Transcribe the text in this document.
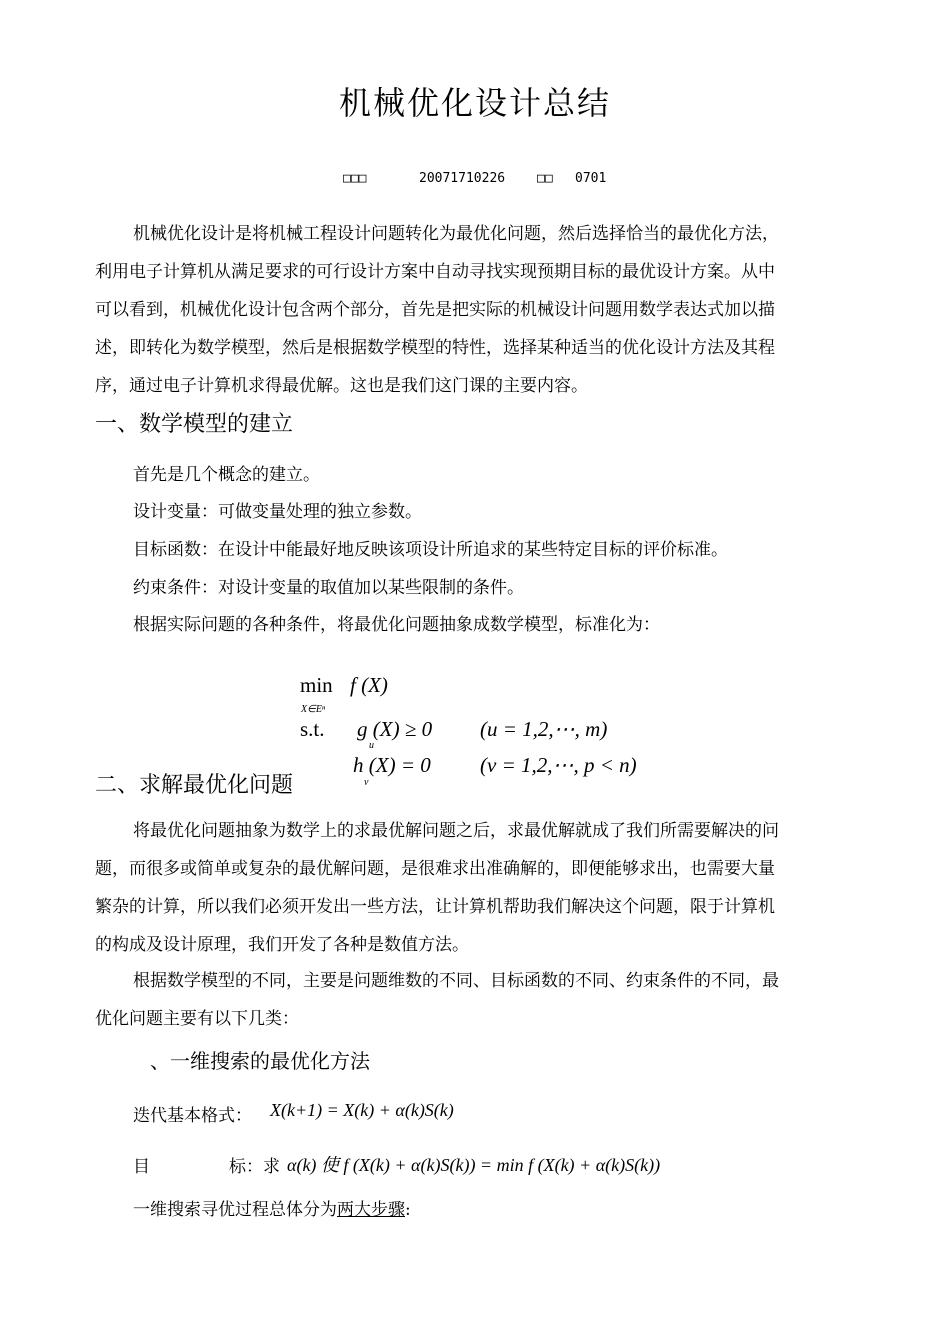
机械优化设计总结
□□□	20071710226 □□ 0701
机械优化设计是将机械工程设计问题转化为最优化问题，然后选择恰当的最优化方法，
利用电子计算机从满足要求的可行设计方案中自动寻找实现预期目标的最优设计方案。从中
可以看到，机械优化设计包含两个部分，首先是把实际的机械设计问题用数学表达式加以描
述，即转化为数学模型，然后是根据数学模型的特性，选择某种适当的优化设计方法及其程
序，通过电子计算机求得最优解。这也是我们这门课的主要内容。
一、数学模型的建立
首先是几个概念的建立。
设计变量：可做变量处理的独立参数。
目标函数：在设计中能最好地反映该项设计所追求的某些特定目标的评价标准。
约束条件：对设计变量的取值加以某些限制的条件。
根据实际问题的各种条件，将最优化问题抽象成数学模型，标准化为：
min f (X)
X∈Eⁿ
s.t. g (X) ≥ 0
u
(u = 1,2,⋯, m)
h (X) = 0
v
(v = 1,2,⋯, p < n)
二、求解最优化问题
将最优化问题抽象为数学上的求最优解问题之后，求最优解就成了我们所需要解决的问
题，而很多或简单或复杂的最优解问题，是很难求出准确解的，即便能够求出，也需要大量
繁杂的计算，所以我们必须开发出一些方法，让计算机帮助我们解决这个问题，限于计算机
的构成及设计原理，我们开发了各种是数值方法。
根据数学模型的不同，主要是问题维数的不同、目标函数的不同、约束条件的不同，最
优化问题主要有以下几类：
、一维搜索的最优化方法
迭代基本格式： X(k+1) = X(k) + α(k)S(k)
目	标：求 α(k) 使 f (X(k) + α(k)S(k)) = min f (X(k) + α(k)S(k))
一维搜索寻优过程总体分为两大步骤:
